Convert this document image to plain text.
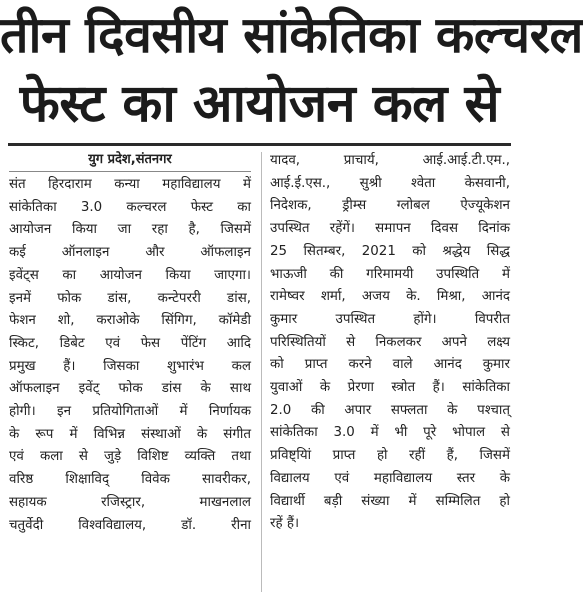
तीन दिवसीय सांकेतिका कल्चरल
फेस्ट का आयोजन कल से
युग प्रदेश,संतनगर
संत हिरदाराम कन्या महाविद्यालय में
सांकेतिका 3.0 कल्चरल फेस्ट का
आयोजन किया जा रहा है, जिसमें
कई ऑनलाइन और ऑफलाइन
इवेंट्स का आयोजन किया जाएगा।
इनमें फोक डांस, कन्टेपररी डांस,
फेशन शो, कराओके सिंगिग, कॉमेडी
स्किट, डिबेट एवं फेस पेंटिंग आदि
प्रमुख हैं। जिसका शुभारंभ कल
ऑफलाइन इवेंट् फोक डांस के साथ
होगी। इन प्रतियोगिताओं में निर्णायक
के रूप में विभिन्न संस्थाओं के संगीत
एवं कला से जुड़े विशिष्ट व्यक्ति तथा
वरिष्ठ शिक्षाविद् विवेक सावरीकर,
सहायक रजिस्ट्रार, माखनलाल
चतुर्वेदी विश्वविद्यालय, डॉ. रीना
यादव, प्राचार्य, आई.आई.टी.एम.,
आई.ई.एस., सुश्री श्वेता केसवानी,
निदेशक, ड्रीम्स ग्लोबल ऐज्यूकेशन
उपस्थित रहेंगें। समापन दिवस दिनांक
25 सितम्बर, 2021 को श्रद्धेय सिद्ध
भाऊजी की गरिमामयी उपस्थिति में
रामेष्वर शर्मा, अजय के. मिश्रा, आनंद
कुमार उपस्थित होंगे। विपरीत
परिस्थितियों से निकलकर अपने लक्ष्य
को प्राप्त करने वाले आनंद कुमार
युवाओं के प्रेरणा स्त्रोत हैं। सांकेतिका
2.0 की अपार सफ्लता के पश्चात्
सांकेतिका 3.0 में भी पूरे भोपाल से
प्रविष्ट्यिां प्राप्त हो रहीं हैं, जिसमें
विद्यालय एवं महाविद्यालय स्तर के
विद्यार्थी बड़ी संख्या में सम्मिलित हो
रहें हैं।
